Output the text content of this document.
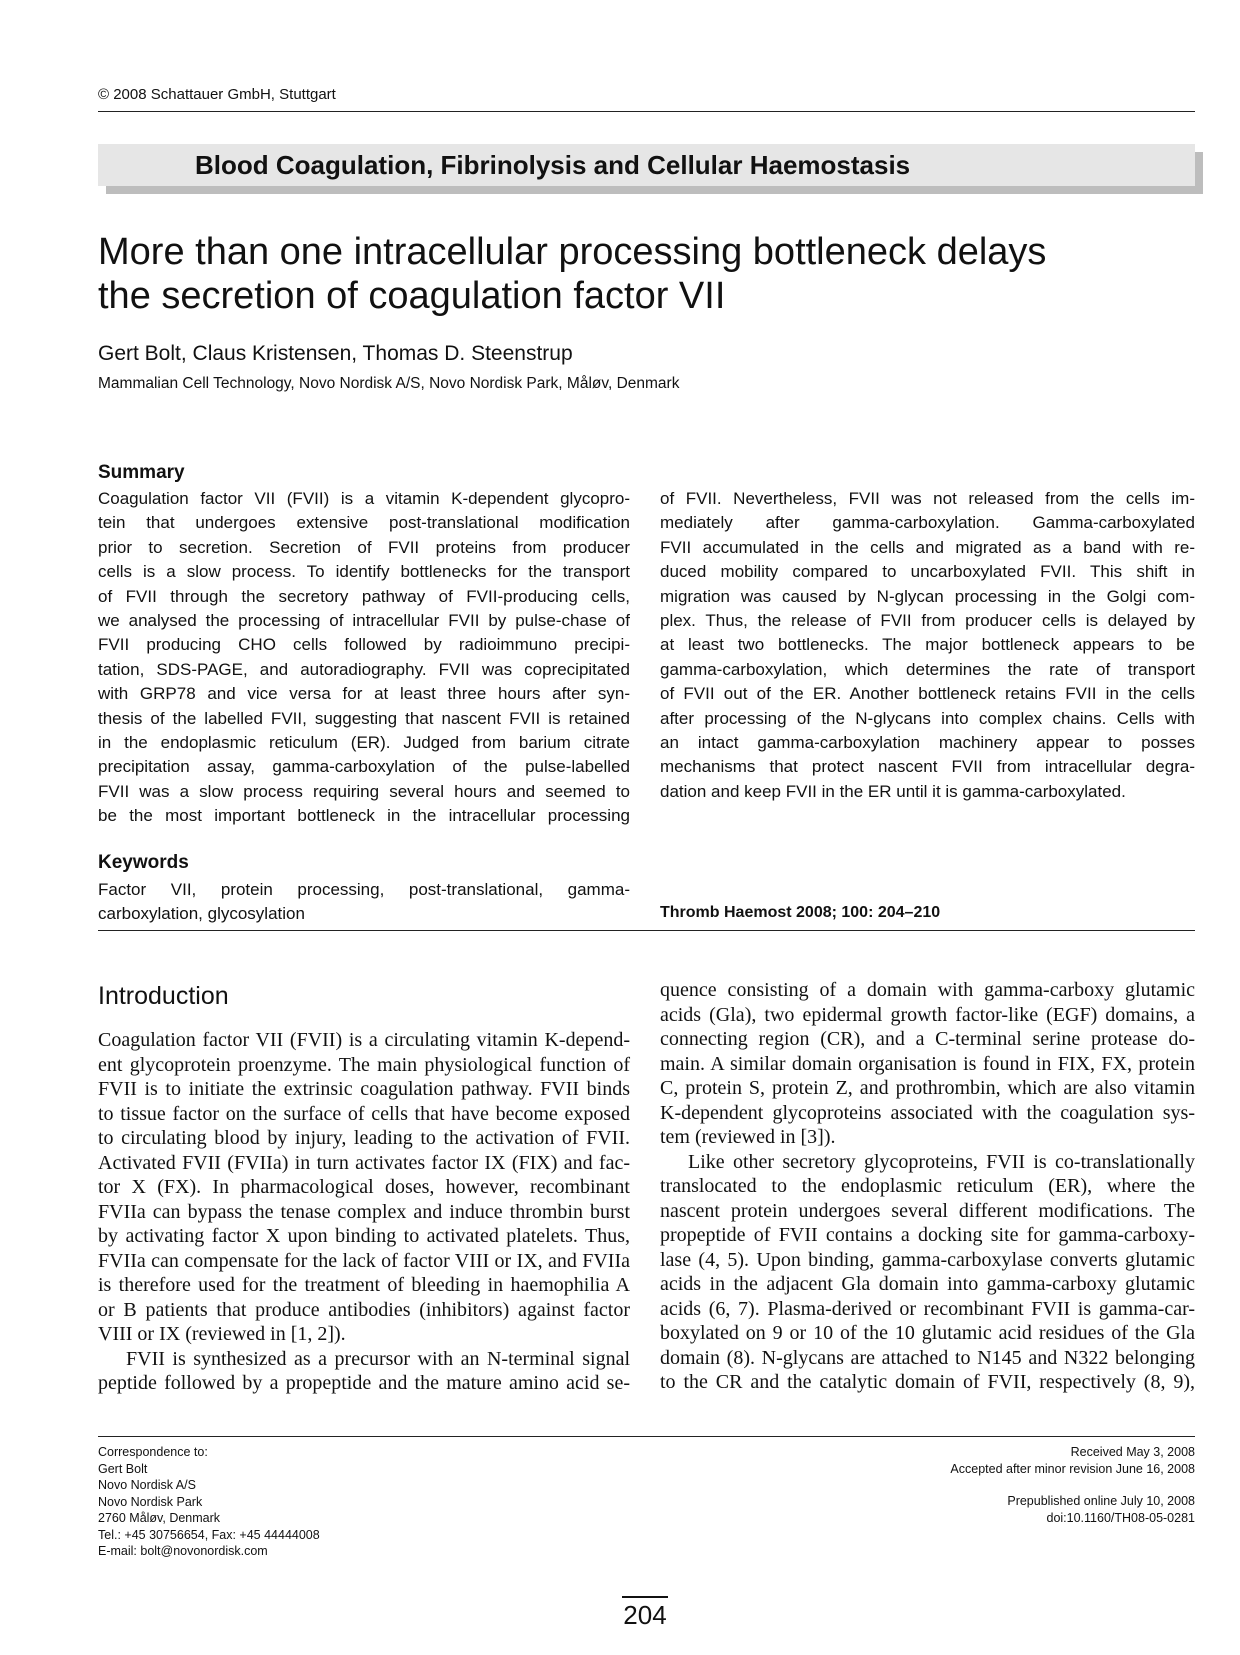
© 2008 Schattauer GmbH, Stuttgart
Blood Coagulation, Fibrinolysis and Cellular Haemostasis
More than one intracellular processing bottleneck delays
the secretion of coagulation factor VII
Gert Bolt, Claus Kristensen, Thomas D. Steenstrup
Mammalian Cell Technology, Novo Nordisk A/S, Novo Nordisk Park, Måløv, Denmark
Summary
Coagulation factor VII (FVII) is a vitamin K-dependent glycopro-
tein that undergoes extensive post-translational modification
prior to secretion. Secretion of FVII proteins from producer
cells is a slow process. To identify bottlenecks for the transport
of FVII through the secretory pathway of FVII-producing cells,
we analysed the processing of intracellular FVII by pulse-chase of
FVII producing CHO cells followed by radioimmuno precipi-
tation, SDS-PAGE, and autoradiography. FVII was coprecipitated
with GRP78 and vice versa for at least three hours after syn-
thesis of the labelled FVII, suggesting that nascent FVII is retained
in the endoplasmic reticulum (ER). Judged from barium citrate
precipitation assay, gamma-carboxylation of the pulse-labelled
FVII was a slow process requiring several hours and seemed to
be the most important bottleneck in the intracellular processing
of FVII. Nevertheless, FVII was not released from the cells im-
mediately after gamma-carboxylation. Gamma-carboxylated
FVII accumulated in the cells and migrated as a band with re-
duced mobility compared to uncarboxylated FVII. This shift in
migration was caused by N-glycan processing in the Golgi com-
plex. Thus, the release of FVII from producer cells is delayed by
at least two bottlenecks. The major bottleneck appears to be
gamma-carboxylation, which determines the rate of transport
of FVII out of the ER. Another bottleneck retains FVII in the cells
after processing of the N-glycans into complex chains. Cells with
an intact gamma-carboxylation machinery appear to posses
mechanisms that protect nascent FVII from intracellular degra-
dation and keep FVII in the ER until it is gamma-carboxylated.
Keywords
Factor VII, protein processing, post-translational, gamma-
carboxylation, glycosylation	Thromb Haemost 2008; 100: 204–210
Introduction
Coagulation factor VII (FVII) is a circulating vitamin K-depend-
ent glycoprotein proenzyme. The main physiological function of
FVII is to initiate the extrinsic coagulation pathway. FVII binds
to tissue factor on the surface of cells that have become exposed
to circulating blood by injury, leading to the activation of FVII.
Activated FVII (FVIIa) in turn activates factor IX (FIX) and fac-
tor X (FX). In pharmacological doses, however, recombinant
FVIIa can bypass the tenase complex and induce thrombin burst
by activating factor X upon binding to activated platelets. Thus,
FVIIa can compensate for the lack of factor VIII or IX, and FVIIa
is therefore used for the treatment of bleeding in haemophilia A
or B patients that produce antibodies (inhibitors) against factor
VIII or IX (reviewed in [1, 2]).
FVII is synthesized as a precursor with an N-terminal signal
peptide followed by a propeptide and the mature amino acid se-
quence consisting of a domain with gamma-carboxy glutamic
acids (Gla), two epidermal growth factor-like (EGF) domains, a
connecting region (CR), and a C-terminal serine protease do-
main. A similar domain organisation is found in FIX, FX, protein
C, protein S, protein Z, and prothrombin, which are also vitamin
K-dependent glycoproteins associated with the coagulation sys-
tem (reviewed in [3]).
Like other secretory glycoproteins, FVII is co-translationally
translocated to the endoplasmic reticulum (ER), where the
nascent protein undergoes several different modifications. The
propeptide of FVII contains a docking site for gamma-carboxy-
lase (4, 5). Upon binding, gamma-carboxylase converts glutamic
acids in the adjacent Gla domain into gamma-carboxy glutamic
acids (6, 7). Plasma-derived or recombinant FVII is gamma-car-
boxylated on 9 or 10 of the 10 glutamic acid residues of the Gla
domain (8). N-glycans are attached to N145 and N322 belonging
to the CR and the catalytic domain of FVII, respectively (8, 9),
Correspondence to:
Gert Bolt
Novo Nordisk A/S
Novo Nordisk Park
2760 Måløv, Denmark
Tel.: +45 30756654, Fax: +45 44444008
E-mail: bolt@novonordisk.com
Received May 3, 2008
Accepted after minor revision June 16, 2008
Prepublished online July 10, 2008
doi:10.1160/TH08-05-0281
204
